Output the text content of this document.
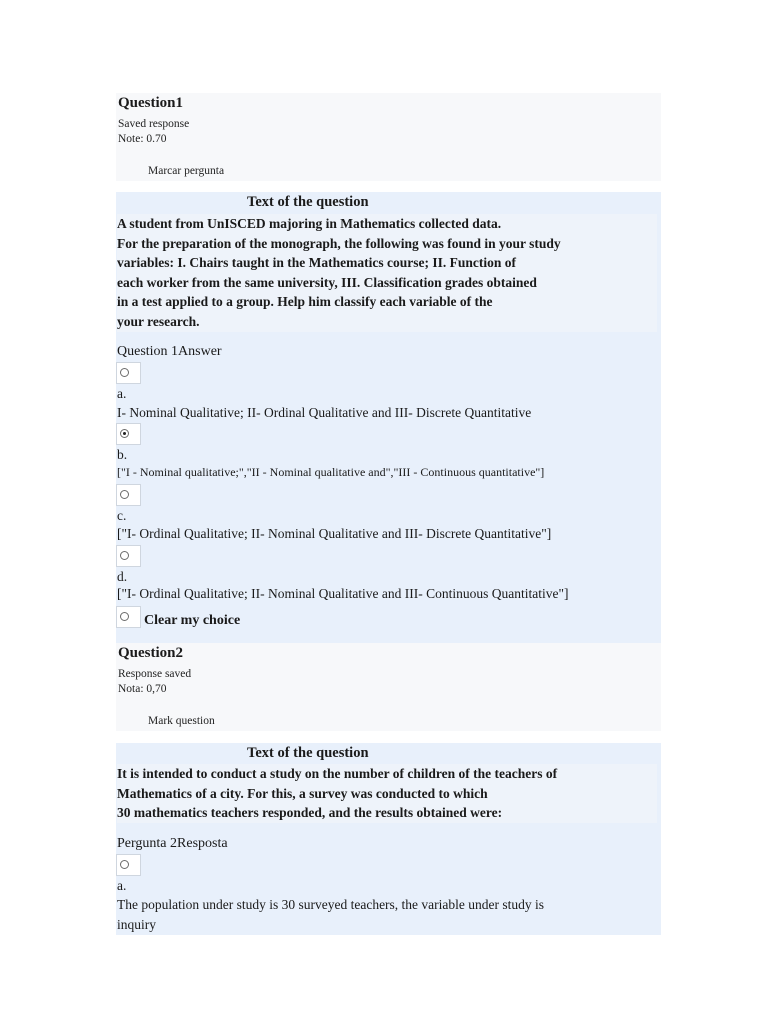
Question1
Saved response
Note: 0.70
Marcar pergunta
Text of the question
A student from UnISCED majoring in Mathematics collected data.
For the preparation of the monograph, the following was found in your study
variables: I. Chairs taught in the Mathematics course; II. Function of
each worker from the same university, III. Classification grades obtained
in a test applied to a group. Help him classify each variable of the
your research.
Question 1Answer
a.
I- Nominal Qualitative; II- Ordinal Qualitative and III- Discrete Quantitative
b.
["I - Nominal qualitative;","II - Nominal qualitative and","III - Continuous quantitative"]
c.
["I- Ordinal Qualitative; II- Nominal Qualitative and III- Discrete Quantitative"]
d.
["I- Ordinal Qualitative; II- Nominal Qualitative and III- Continuous Quantitative"]
Clear my choice
Question2
Response saved
Nota: 0,70
Mark question
Text of the question
It is intended to conduct a study on the number of children of the teachers of
Mathematics of a city. For this, a survey was conducted to which
30 mathematics teachers responded, and the results obtained were:
Pergunta 2Resposta
a.
The population under study is 30 surveyed teachers, the variable under study is
inquiry
